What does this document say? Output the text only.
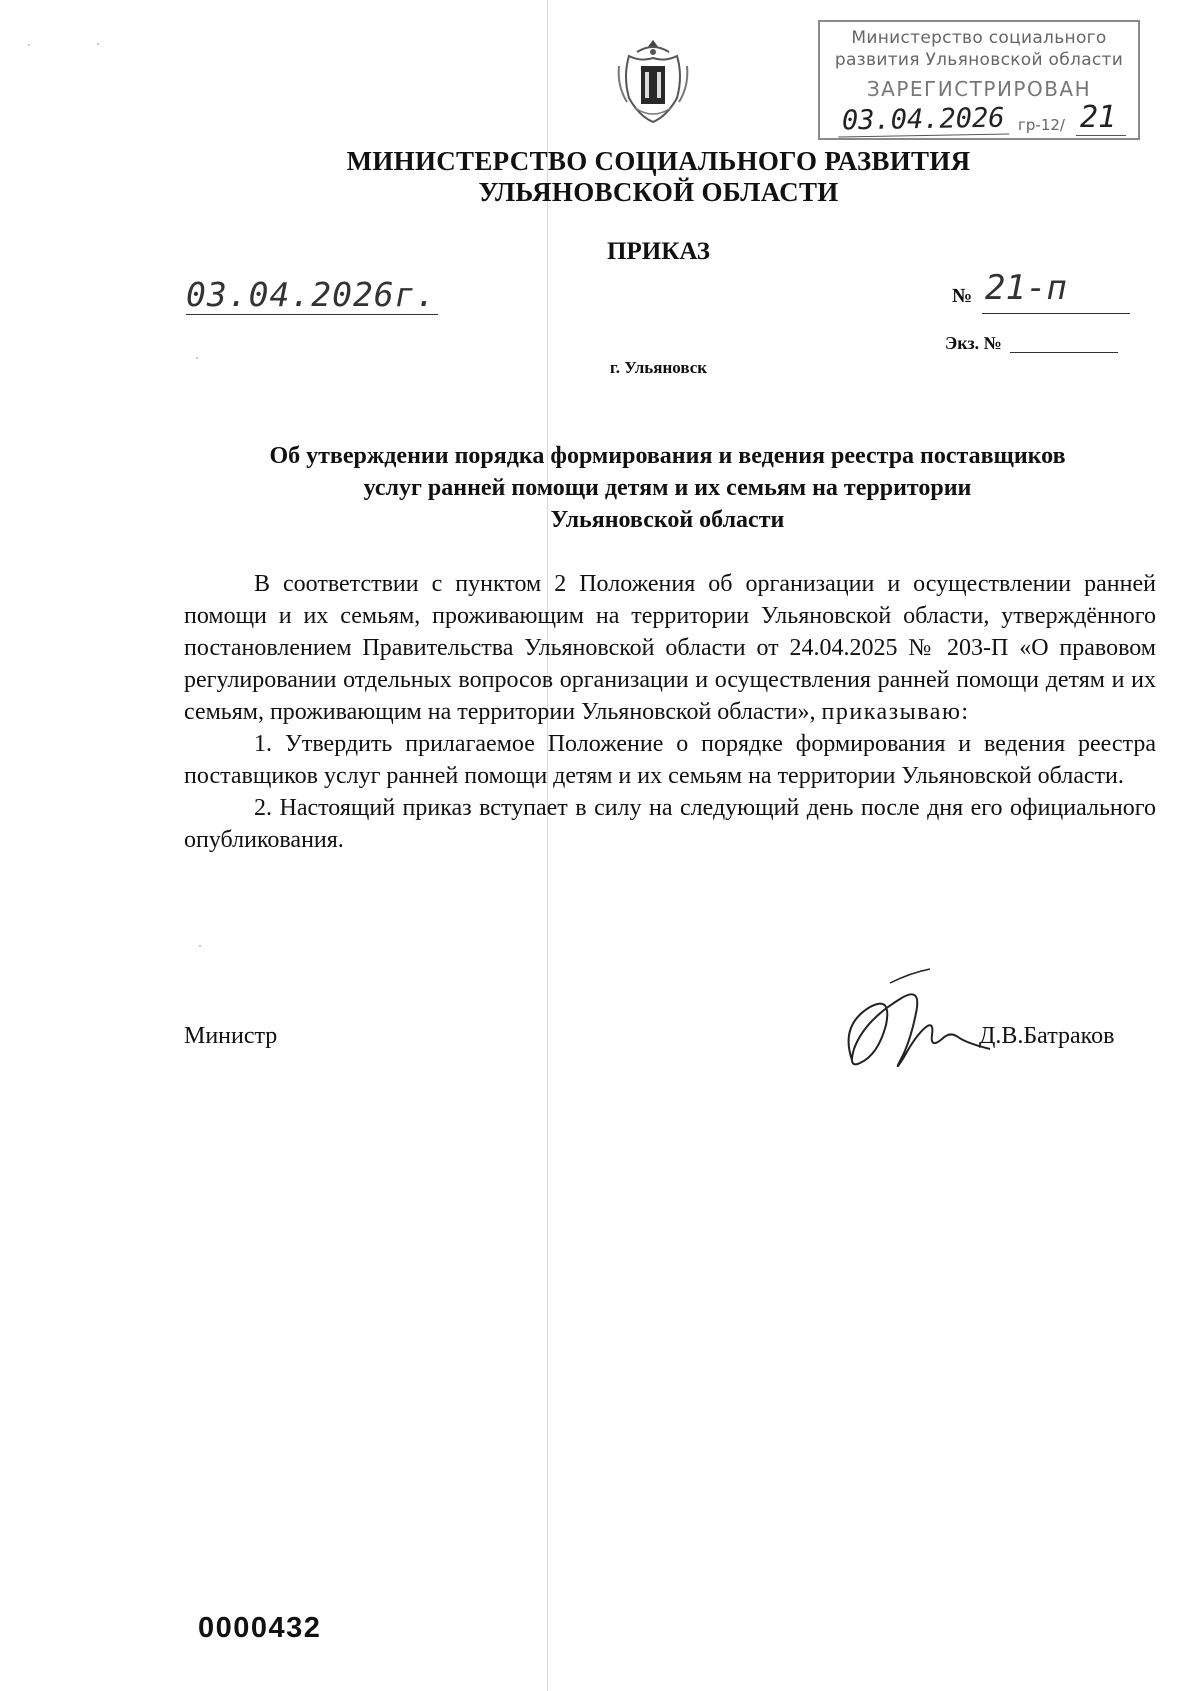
Министерство социального
развития Ульяновской области
ЗАРЕГИСТРИРОВАН
03.04.2026 гр-12/ 21
МИНИСТЕРСТВО СОЦИАЛЬНОГО РАЗВИТИЯ
УЛЬЯНОВСКОЙ ОБЛАСТИ
ПРИКАЗ
03.04.2026г.	№ 21-п
Экз. №
г. Ульяновск
Об утверждении порядка формирования и ведения реестра поставщиков
услуг ранней помощи детям и их семьям на территории
Ульяновской области

В соответствии с пунктом 2 Положения об организации и осуществлении ранней помощи и их семьям, проживающим на территории Ульяновской области, утверждённого постановлением Правительства Ульяновской области от 24.04.2025 № 203-П «О правовом регулировании отдельных вопросов организации и осуществления ранней помощи детям и их семьям, проживающим на территории Ульяновской области», приказываю:

1. Утвердить прилагаемое Положение о порядке формирования и ведения реестра поставщиков услуг ранней помощи детям и их семьям на территории Ульяновской области.

2. Настоящий приказ вступает в силу на следующий день после дня его официального опубликования.

Министр	Д.В.Батраков
0000432
